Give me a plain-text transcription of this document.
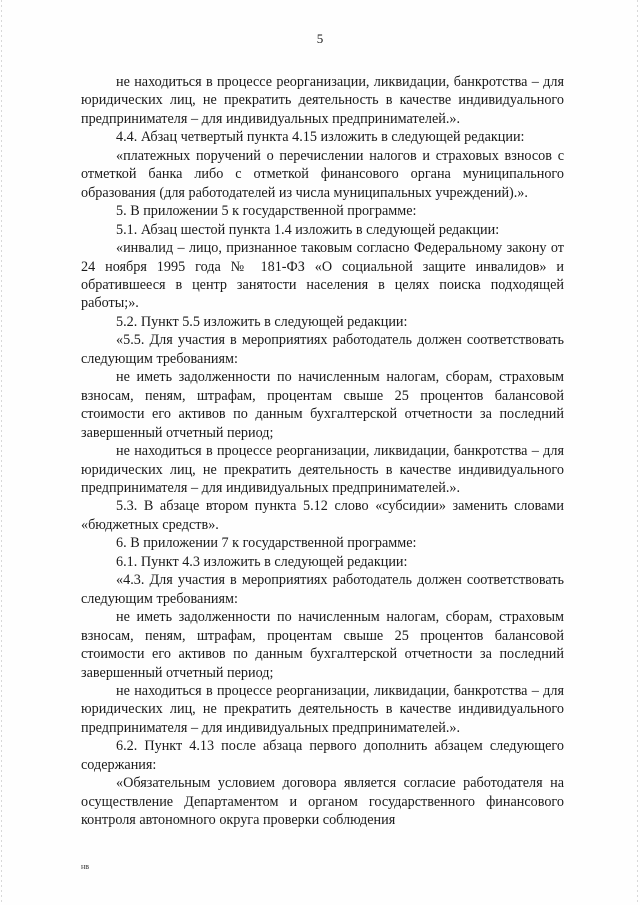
5

не находиться в процессе реорганизации, ликвидации, банкротства – для юридических лиц, не прекратить деятельность в качестве индивидуального предпринимателя – для индивидуальных предпринимателей.».

4.4. Абзац четвертый пункта 4.15 изложить в следующей редакции:

«платежных поручений о перечислении налогов и страховых взносов с отметкой банка либо с отметкой финансового органа муниципального образования (для работодателей из числа муниципальных учреждений).».

5. В приложении 5 к государственной программе:

5.1. Абзац шестой пункта 1.4 изложить в следующей редакции:

«инвалид – лицо, признанное таковым согласно Федеральному закону от 24 ноября 1995 года № 181-ФЗ «О социальной защите инвалидов» и обратившееся в центр занятости населения в целях поиска подходящей работы;».

5.2. Пункт 5.5 изложить в следующей редакции:

«5.5. Для участия в мероприятиях работодатель должен соответствовать следующим требованиям:

не иметь задолженности по начисленным налогам, сборам, страховым взносам, пеням, штрафам, процентам свыше 25 процентов балансовой стоимости его активов по данным бухгалтерской отчетности за последний завершенный отчетный период;

не находиться в процессе реорганизации, ликвидации, банкротства – для юридических лиц, не прекратить деятельность в качестве индивидуального предпринимателя – для индивидуальных предпринимателей.».

5.3. В абзаце втором пункта 5.12 слово «субсидии» заменить словами «бюджетных средств».

6. В приложении 7 к государственной программе:

6.1. Пункт 4.3 изложить в следующей редакции:

«4.3. Для участия в мероприятиях работодатель должен соответствовать следующим требованиям:

не иметь задолженности по начисленным налогам, сборам, страховым взносам, пеням, штрафам, процентам свыше 25 процентов балансовой стоимости его активов по данным бухгалтерской отчетности за последний завершенный отчетный период;

не находиться в процессе реорганизации, ликвидации, банкротства – для юридических лиц, не прекратить деятельность в качестве индивидуального предпринимателя – для индивидуальных предпринимателей.».

6.2. Пункт 4.13 после абзаца первого дополнить абзацем следующего содержания:

«Обязательным условием договора является согласие работодателя на осуществление Департаментом и органом государственного финансового контроля автономного округа проверки соблюдения

нв
